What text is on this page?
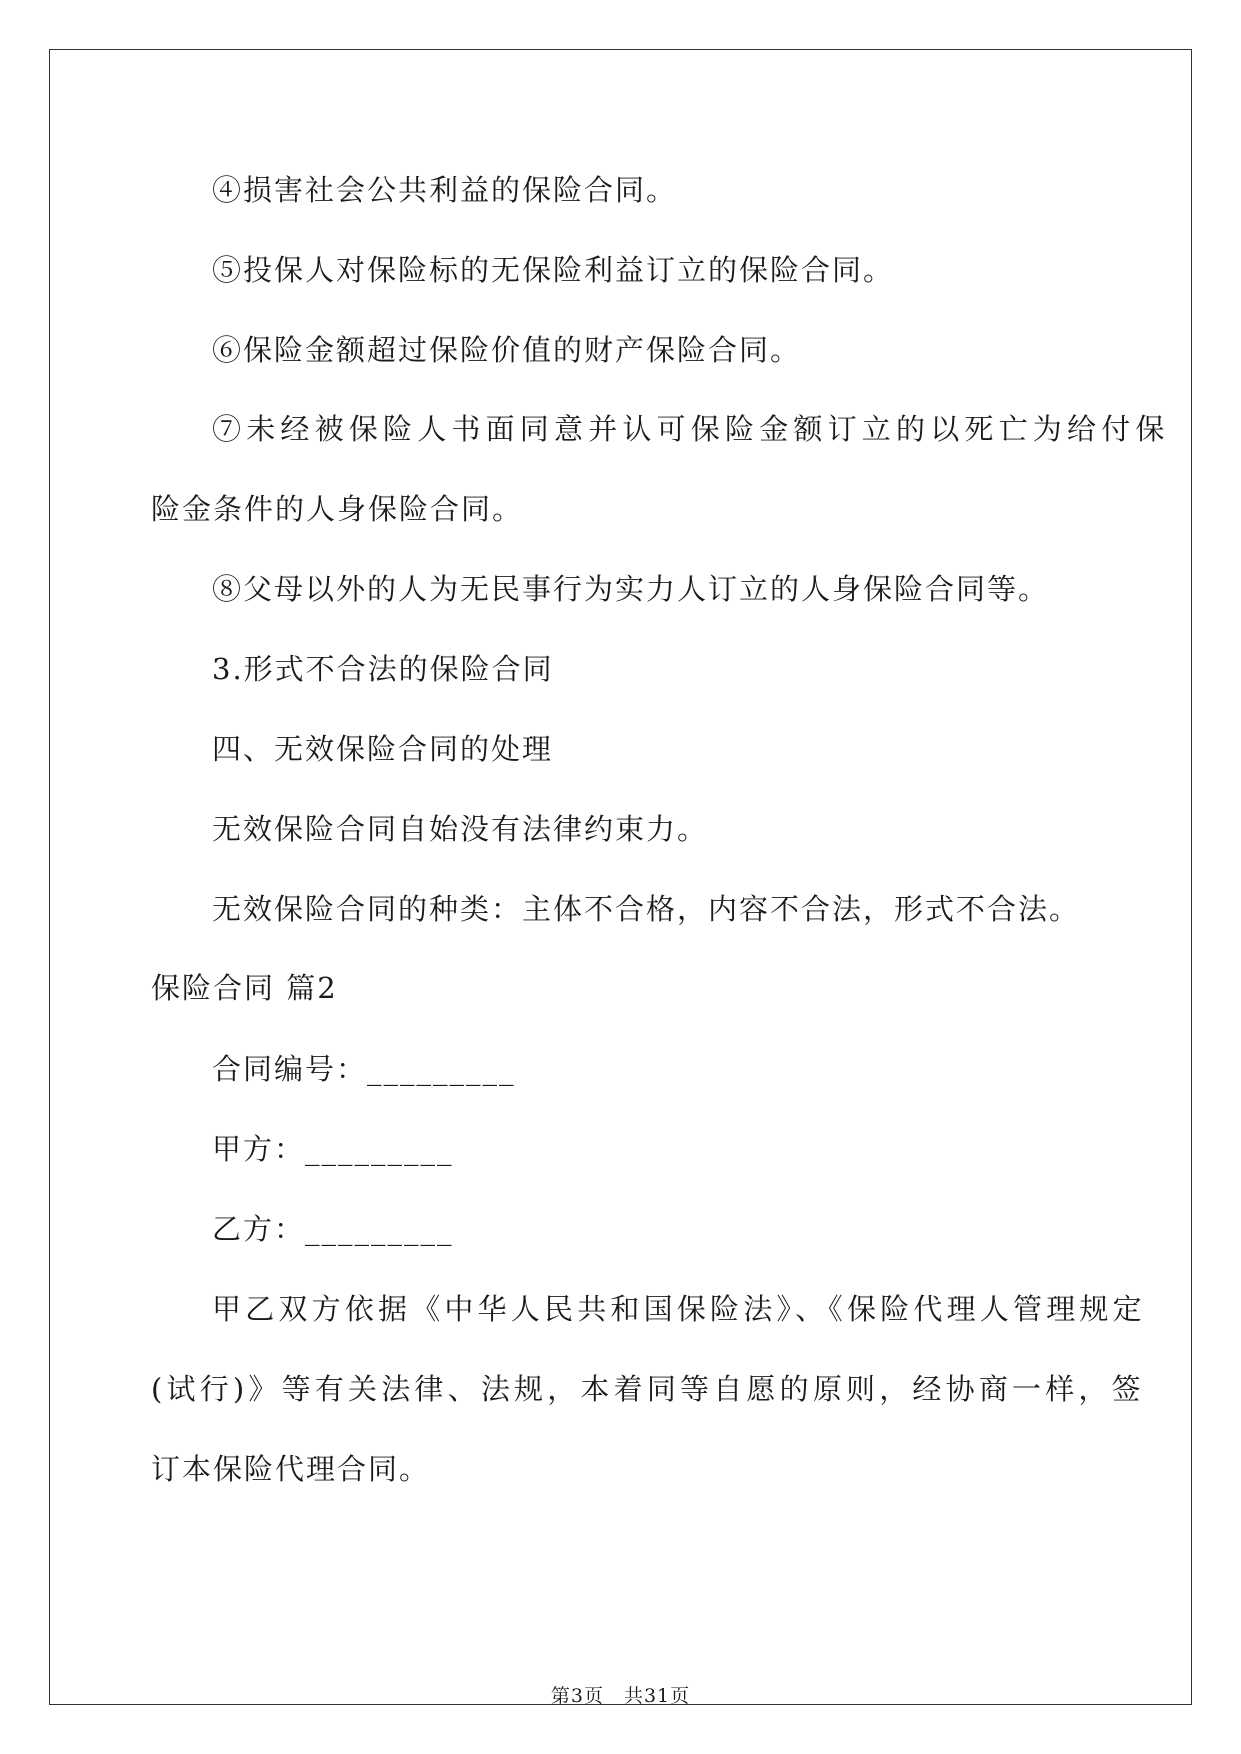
④损害社会公共利益的保险合同。
⑤投保人对保险标的无保险利益订立的保险合同。
⑥保险金额超过保险价值的财产保险合同。
⑦未经被保险人书面同意并认可保险金额订立的以死亡为给付保
险金条件的人身保险合同。
⑧父母以外的人为无民事行为实力人订立的人身保险合同等。
3.形式不合法的保险合同
四、无效保险合同的处理
无效保险合同自始没有法律约束力。
无效保险合同的种类：主体不合格，内容不合法，形式不合法。
保险合同 篇2
合同编号：_________
甲方：_________
乙方：_________
甲乙双方依据《中华人民共和国保险法》、《保险代理人管理规定
(试行)》等有关法律、法规，本着同等自愿的原则，经协商一样，签
订本保险代理合同。
第3页　共31页
